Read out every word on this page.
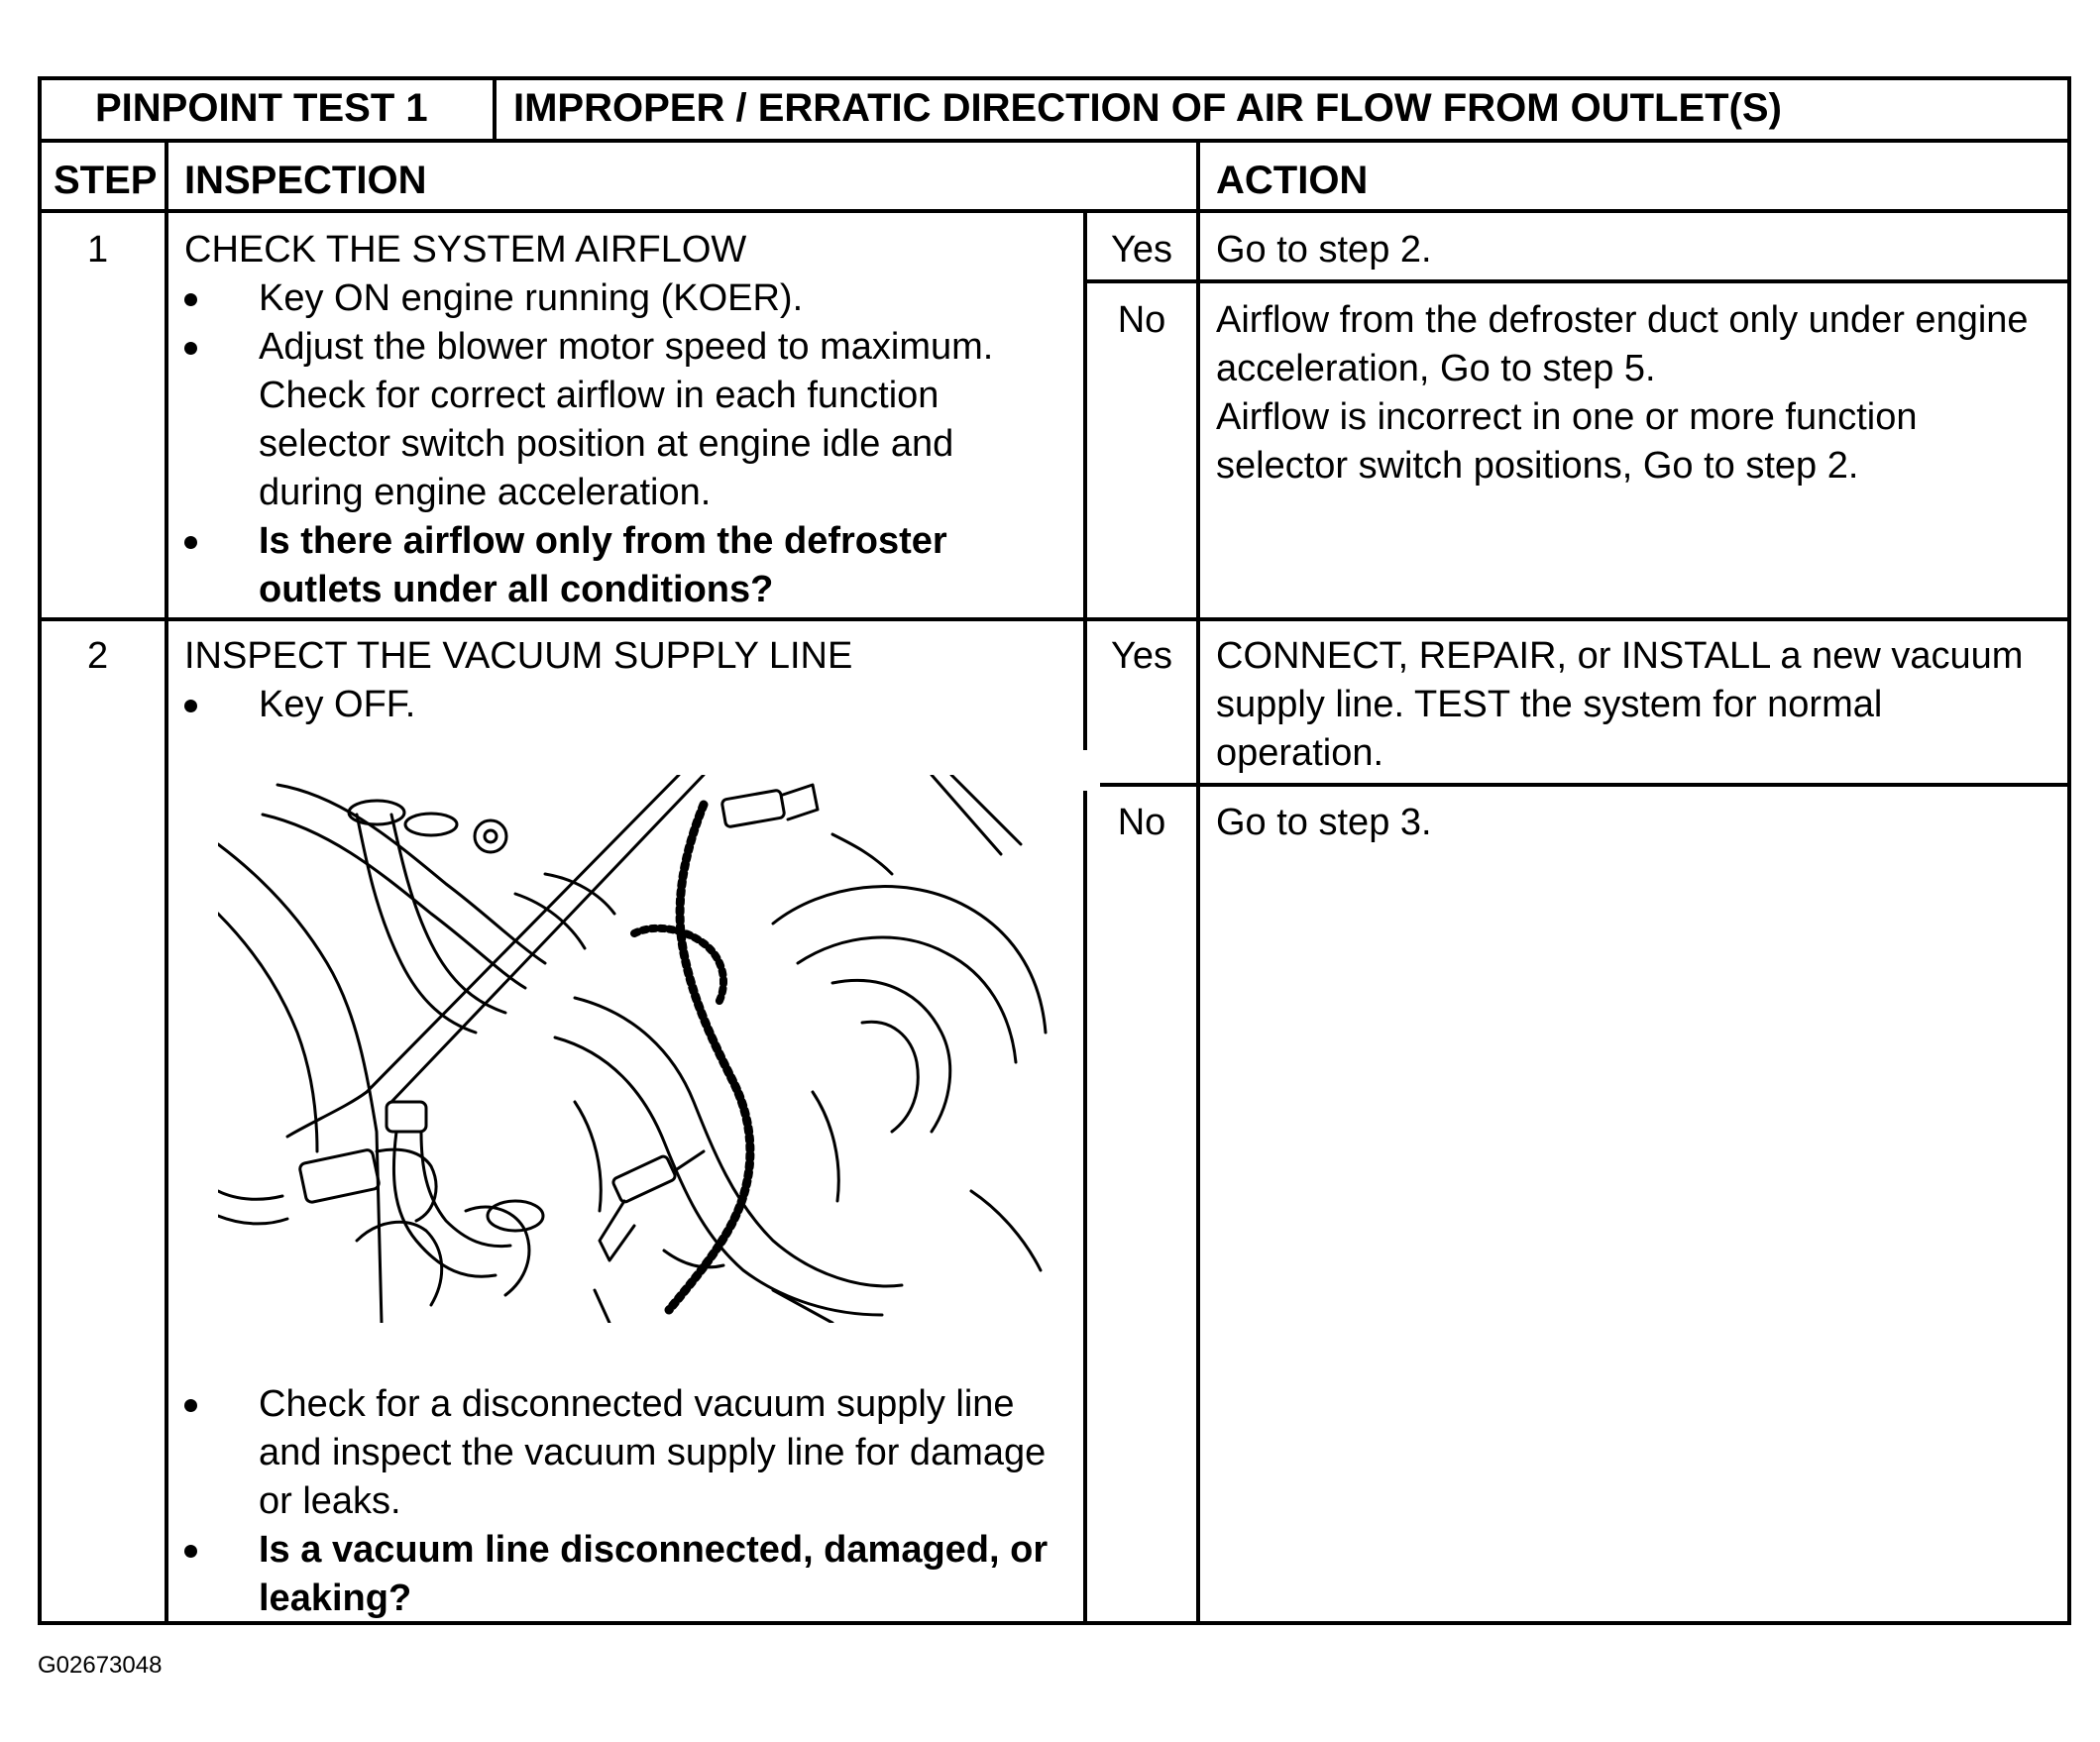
PINPOINT TEST 1 IMPROPER / ERRATIC DIRECTION OF AIR FLOW FROM OUTLET(S)
STEP INSPECTION	ACTION
1 CHECK THE SYSTEM AIRFLOW
Key ON engine running (KOER).
Adjust the blower motor speed to maximum. Check for correct airflow in each function selector switch position at engine idle and during engine acceleration.
Is there airflow only from the defroster outlets under all conditions?
Yes	Go to step 2.
No	Airflow from the defroster duct only under engine acceleration, Go to step 5.
Airflow is incorrect in one or more function selector switch positions, Go to step 2.
2 INSPECT THE VACUUM SUPPLY LINE
Key OFF.
Check for a disconnected vacuum supply line and inspect the vacuum supply line for damage or leaks.
Is a vacuum line disconnected, damaged, or leaking?
Yes	CONNECT, REPAIR, or INSTALL a new vacuum supply line. TEST the system for normal operation.
No	Go to step 3.
G02673048
